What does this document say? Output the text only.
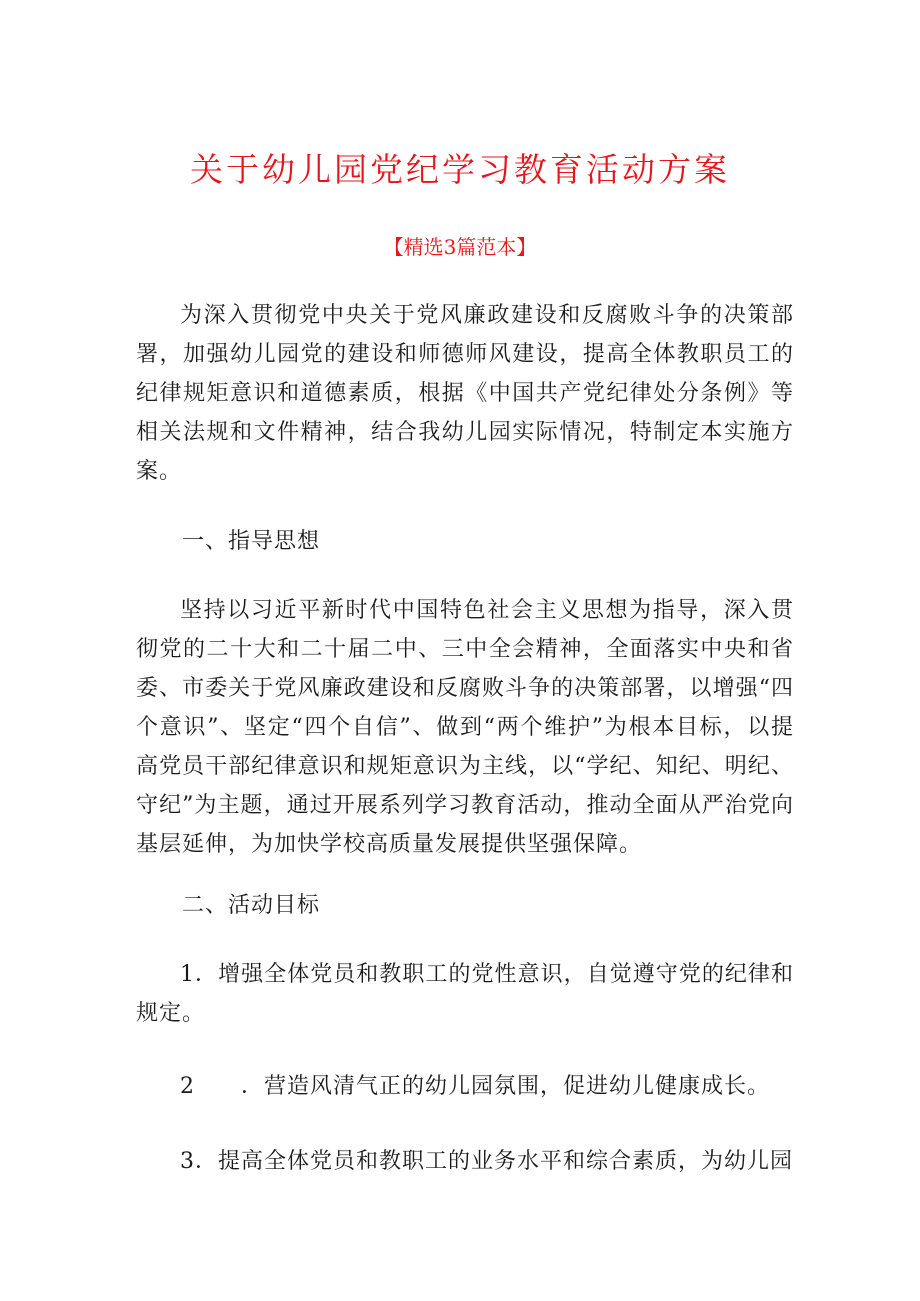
关于幼儿园党纪学习教育活动方案

【精选3篇范本】

为深入贯彻党中央关于党风廉政建设和反腐败斗争的决策部署，加强幼儿园党的建设和师德师风建设，提高全体教职员工的纪律规矩意识和道德素质，根据《中国共产党纪律处分条例》等相关法规和文件精神，结合我幼儿园实际情况，特制定本实施方案。

一、指导思想

坚持以习近平新时代中国特色社会主义思想为指导，深入贯彻党的二十大和二十届二中、三中全会精神，全面落实中央和省委、市委关于党风廉政建设和反腐败斗争的决策部署，以增强“四个意识”、坚定“四个自信”、做到“两个维护”为根本目标，以提高党员干部纪律意识和规矩意识为主线，以“学纪、知纪、明纪、守纪”为主题，通过开展系列学习教育活动，推动全面从严治党向基层延伸，为加快学校高质量发展提供坚强保障。

二、活动目标

1．增强全体党员和教职工的党性意识，自觉遵守党的纪律和规定。

2　　．营造风清气正的幼儿园氛围，促进幼儿健康成长。

3．提高全体党员和教职工的业务水平和综合素质，为幼儿园
